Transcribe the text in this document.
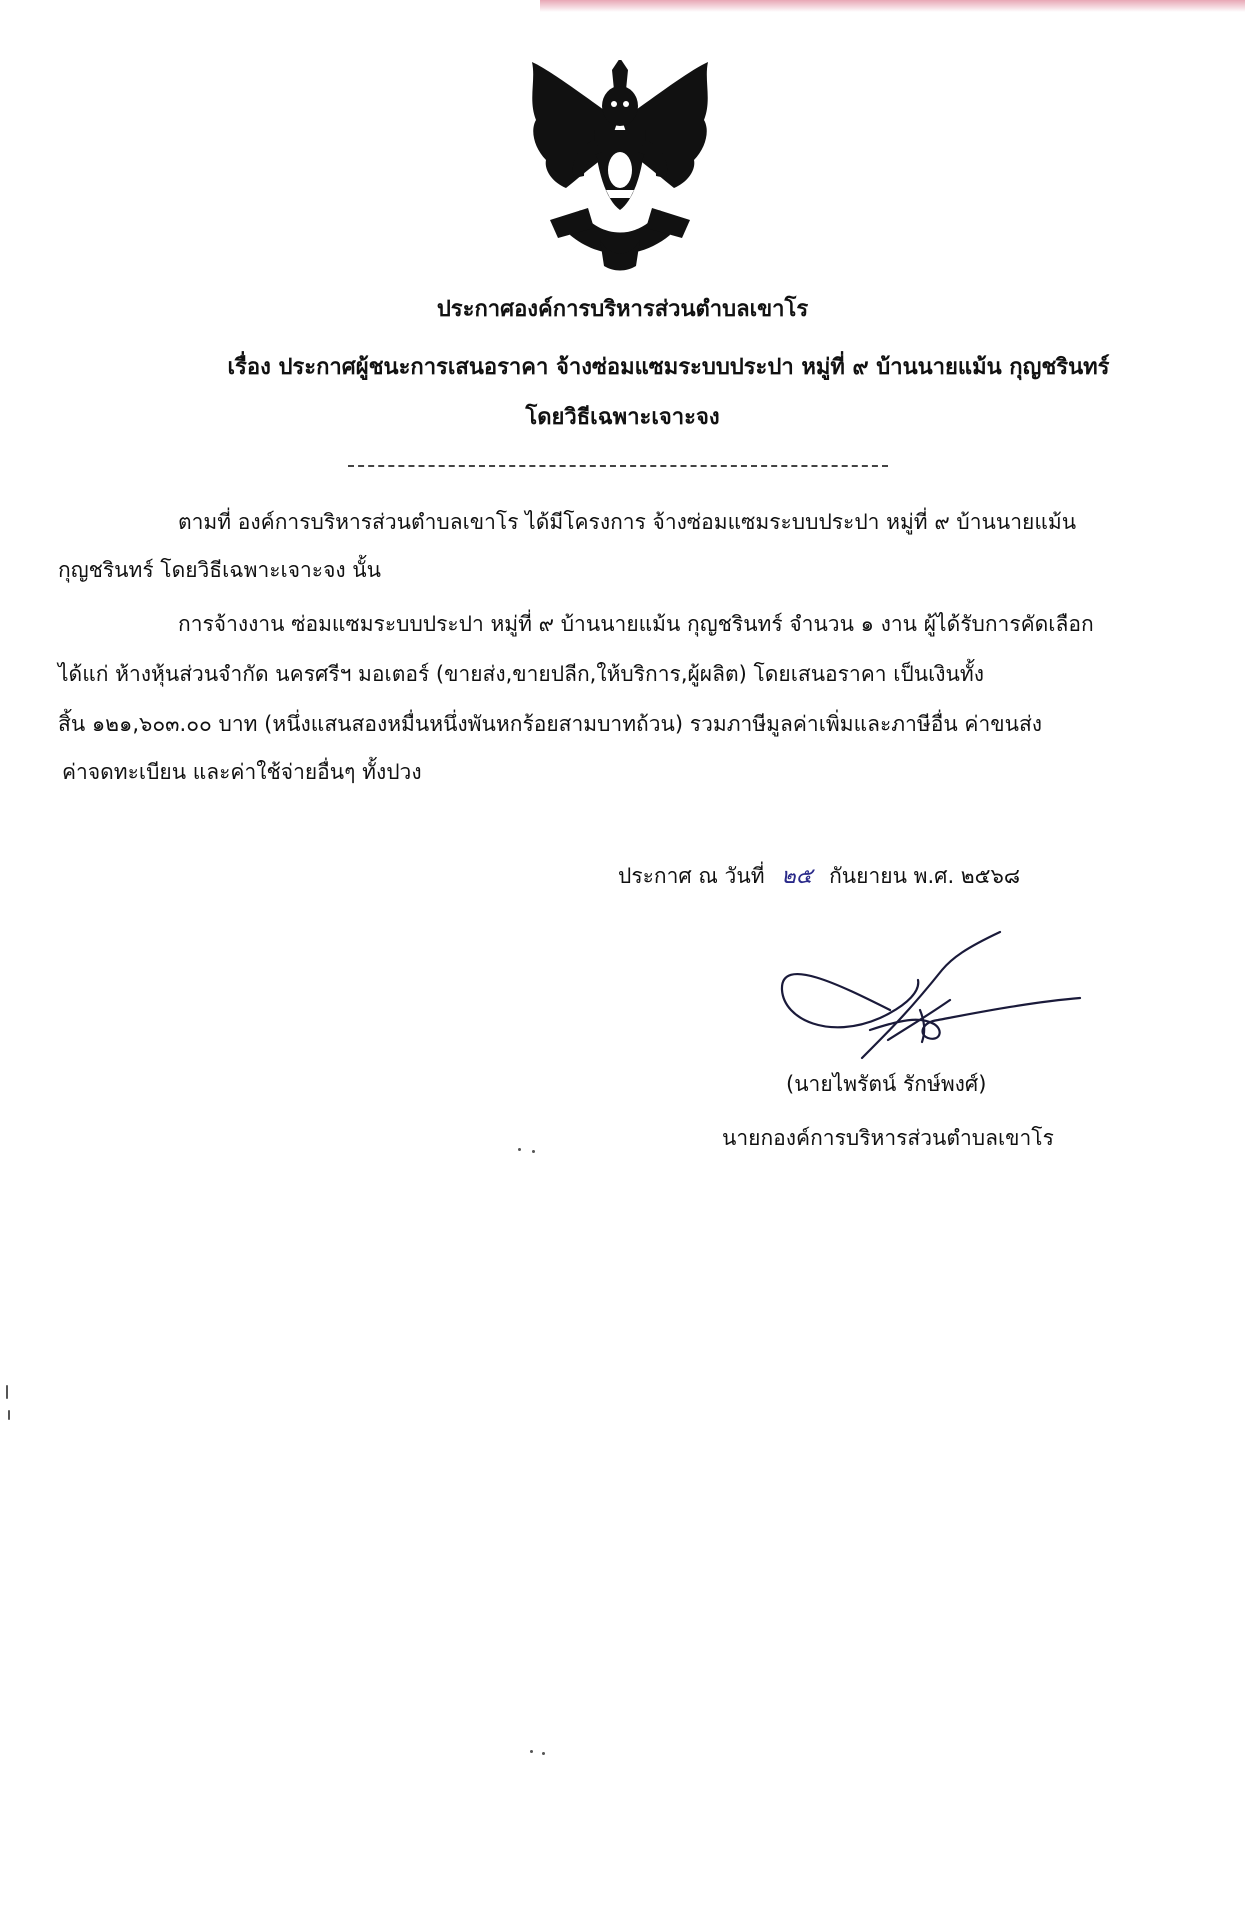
ประกาศองค์การบริหารส่วนตำบลเขาโร
เรื่อง ประกาศผู้ชนะการเสนอราคา จ้างซ่อมแซมระบบประปา หมู่ที่ ๙ บ้านนายแม้น กุญชรินทร์
โดยวิธีเฉพาะเจาะจง
ตามที่ องค์การบริหารส่วนตำบลเขาโร ได้มีโครงการ จ้างซ่อมแซมระบบประปา หมู่ที่ ๙ บ้านนายแม้น
กุญชรินทร์ โดยวิธีเฉพาะเจาะจง นั้น
การจ้างงาน ซ่อมแซมระบบประปา หมู่ที่ ๙ บ้านนายแม้น กุญชรินทร์ จำนวน ๑ งาน ผู้ได้รับการคัดเลือก
ได้แก่ ห้างหุ้นส่วนจำกัด นครศรีฯ มอเตอร์ (ขายส่ง,ขายปลีก,ให้บริการ,ผู้ผลิต) โดยเสนอราคา เป็นเงินทั้ง
สิ้น ๑๒๑,๖๐๓.๐๐ บาท (หนึ่งแสนสองหมื่นหนึ่งพันหกร้อยสามบาทถ้วน) รวมภาษีมูลค่าเพิ่มและภาษีอื่น ค่าขนส่ง
ค่าจดทะเบียน และค่าใช้จ่ายอื่นๆ ทั้งปวง
ประกาศ ณ วันที่ ๒๕ กันยายน พ.ศ. ๒๕๖๘
(นายไพรัตน์ รักษ์พงศ์)
นายกองค์การบริหารส่วนตำบลเขาโร
